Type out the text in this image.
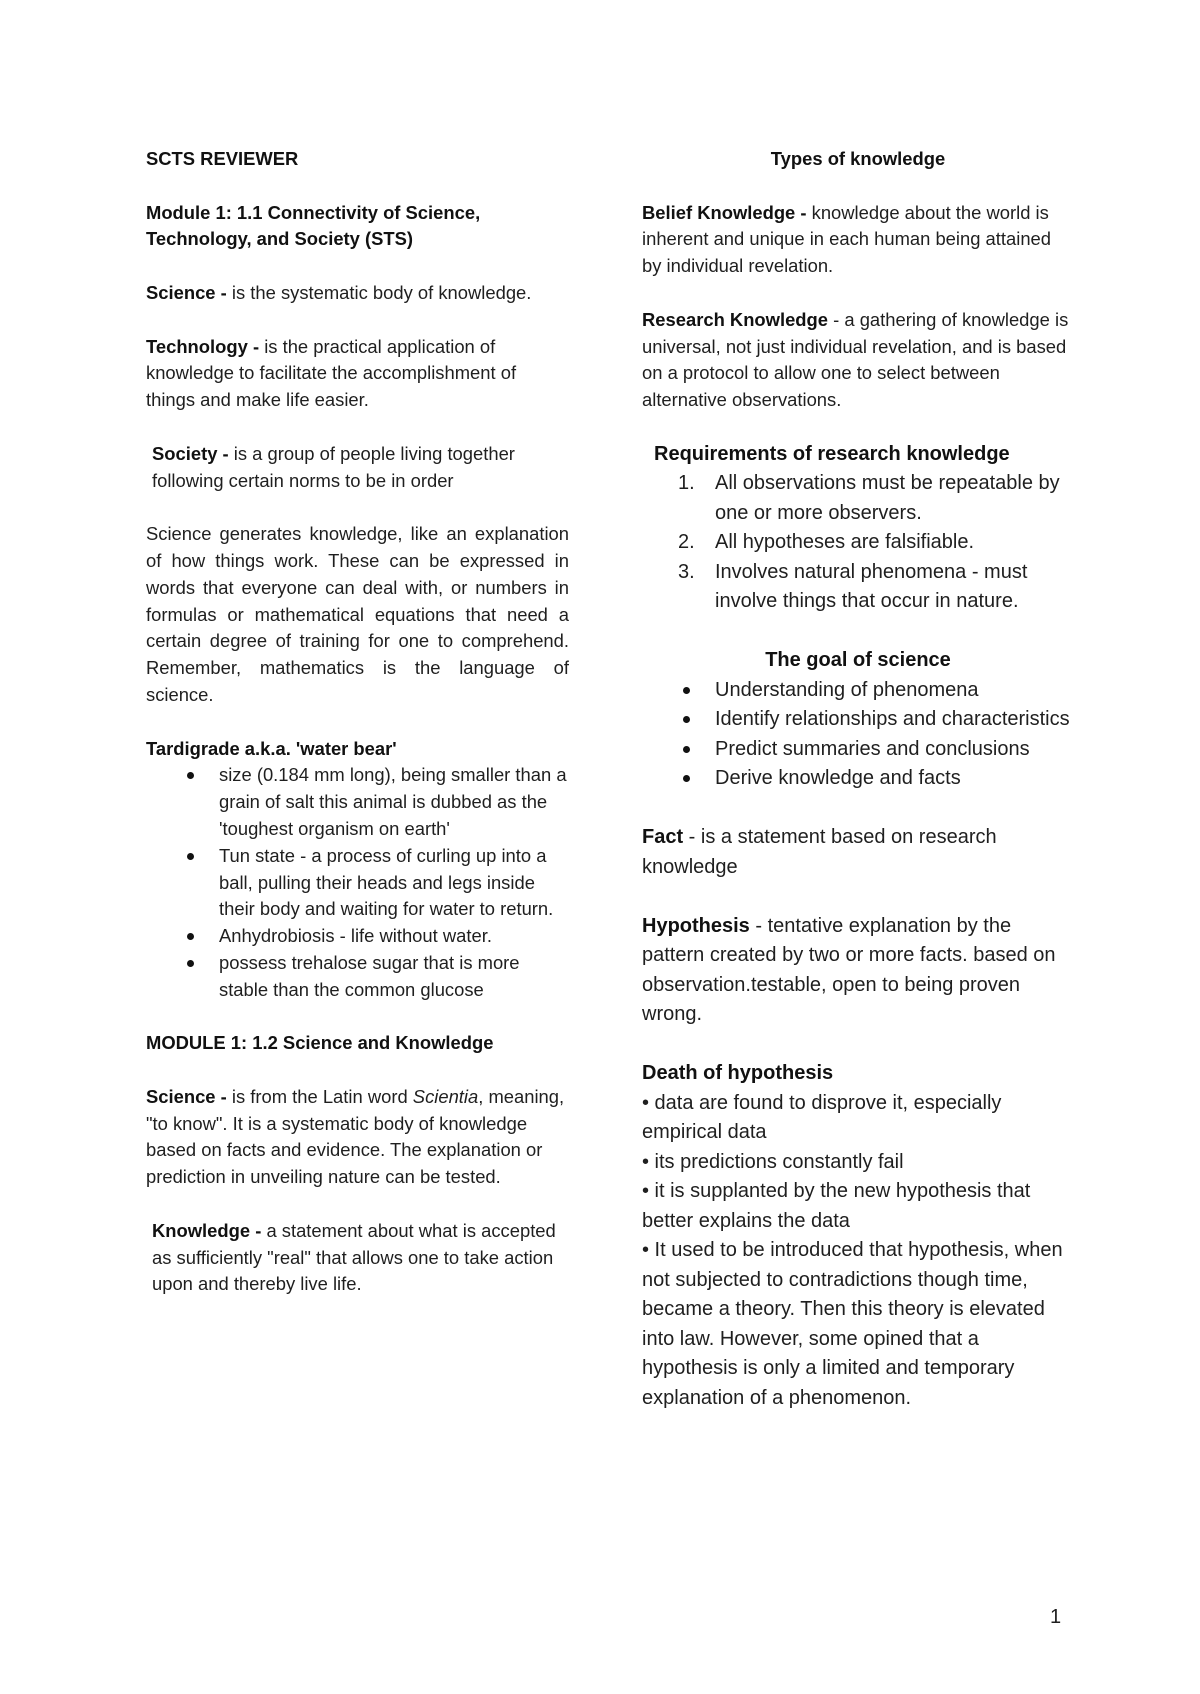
SCTS REVIEWER

Module 1: 1.1 Connectivity of Science,
Technology, and Society (STS)

Science - is the systematic body of knowledge.

Technology - is the practical application of knowledge to facilitate the accomplishment of things and make life easier.

Society - is a group of people living together following certain norms to be in order

Science generates knowledge, like an explanation of how things work. These can be expressed in words that everyone can deal with, or numbers in formulas or mathematical equations that need a certain degree of training for one to comprehend. Remember, mathematics is the language of science.

Tardigrade a.k.a. 'water bear'

size (0.184 mm long), being smaller than a grain of salt this animal is dubbed as the 'toughest organism on earth'
Tun state - a process of curling up into a ball, pulling their heads and legs inside their body and waiting for water to return.
Anhydrobiosis - life without water.
possess trehalose sugar that is more stable than the common glucose

MODULE 1: 1.2 Science and Knowledge

Science - is from the Latin word Scientia, meaning, "to know". It is a systematic body of knowledge based on facts and evidence. The explanation or prediction in unveiling nature can be tested.

Knowledge - a statement about what is accepted as sufficiently "real" that allows one to take action upon and thereby live life.

Types of knowledge

Belief Knowledge - knowledge about the world is inherent and unique in each human being attained by individual revelation.

Research Knowledge - a gathering of knowledge is universal, not just individual revelation, and is based on a protocol to allow one to select between alternative observations.

Requirements of research knowledge

1. All observations must be repeatable by one or more observers.
2. All hypotheses are falsifiable.
3. Involves natural phenomena - must involve things that occur in nature.

The goal of science

Understanding of phenomena
Identify relationships and characteristics
Predict summaries and conclusions
Derive knowledge and facts

Fact - is a statement based on research knowledge

Hypothesis - tentative explanation by the pattern created by two or more facts. based on observation.testable, open to being proven wrong.

Death of hypothesis

• data are found to disprove it, especially empirical data

• its predictions constantly fail

• it is supplanted by the new hypothesis that better explains the data

• It used to be introduced that hypothesis, when not subjected to contradictions though time, became a theory. Then this theory is elevated into law. However, some opined that a hypothesis is only a limited and temporary explanation of a phenomenon.

1
